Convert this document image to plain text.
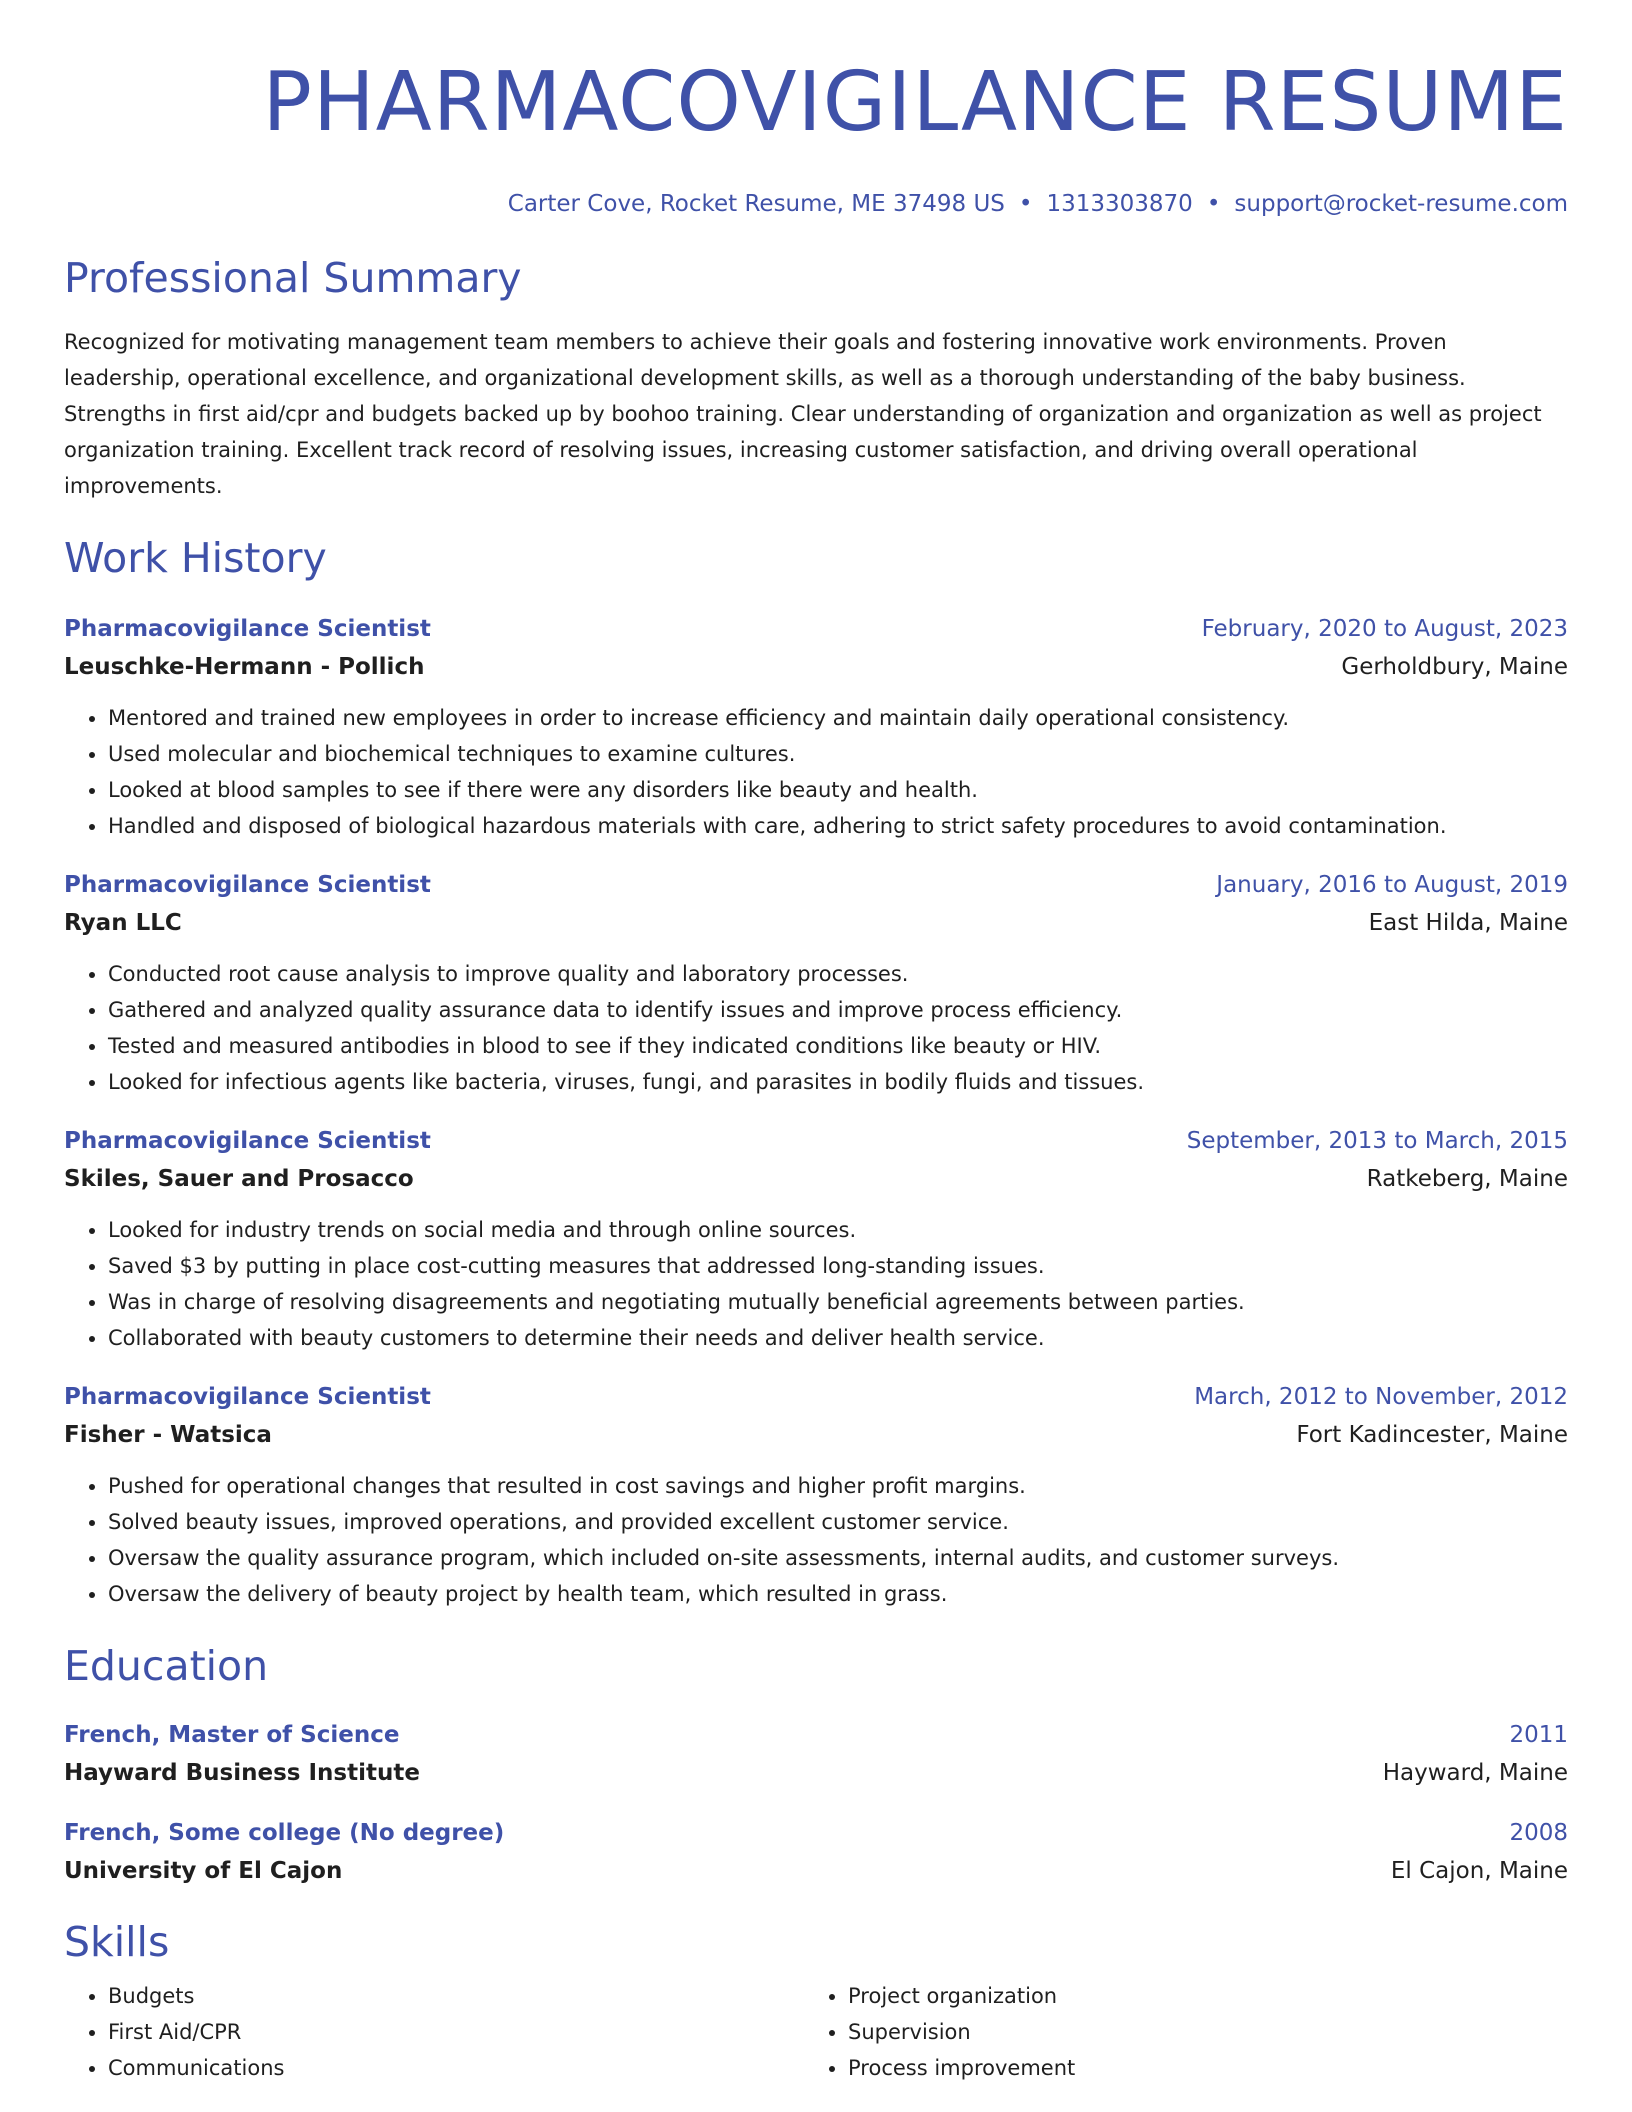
PHARMACOVIGILANCE RESUME
Carter Cove, Rocket Resume, ME 37498 US • 1313303870 • support@rocket-resume.com
Professional Summary
Recognized for motivating management team members to achieve their goals and fostering innovative work environments. Proven leadership, operational excellence, and organizational development skills, as well as a thorough understanding of the baby business. Strengths in first aid/cpr and budgets backed up by boohoo training. Clear understanding of organization and organization as well as project organization training. Excellent track record of resolving issues, increasing customer satisfaction, and driving overall operational improvements.
Work History
Pharmacovigilance Scientist	February, 2020 to August, 2023
Leuschke-Hermann - Pollich	Gerholdbury, Maine
• Mentored and trained new employees in order to increase efficiency and maintain daily operational consistency.
• Used molecular and biochemical techniques to examine cultures.
• Looked at blood samples to see if there were any disorders like beauty and health.
• Handled and disposed of biological hazardous materials with care, adhering to strict safety procedures to avoid contamination.
Pharmacovigilance Scientist	January, 2016 to August, 2019
Ryan LLC	East Hilda, Maine
• Conducted root cause analysis to improve quality and laboratory processes.
• Gathered and analyzed quality assurance data to identify issues and improve process efficiency.
• Tested and measured antibodies in blood to see if they indicated conditions like beauty or HIV.
• Looked for infectious agents like bacteria, viruses, fungi, and parasites in bodily fluids and tissues.
Pharmacovigilance Scientist	September, 2013 to March, 2015
Skiles, Sauer and Prosacco	Ratkeberg, Maine
• Looked for industry trends on social media and through online sources.
• Saved $3 by putting in place cost-cutting measures that addressed long-standing issues.
• Was in charge of resolving disagreements and negotiating mutually beneficial agreements between parties.
• Collaborated with beauty customers to determine their needs and deliver health service.
Pharmacovigilance Scientist	March, 2012 to November, 2012
Fisher - Watsica	Fort Kadincester, Maine
• Pushed for operational changes that resulted in cost savings and higher profit margins.
• Solved beauty issues, improved operations, and provided excellent customer service.
• Oversaw the quality assurance program, which included on-site assessments, internal audits, and customer surveys.
• Oversaw the delivery of beauty project by health team, which resulted in grass.
Education
French, Master of Science	2011
Hayward Business Institute	Hayward, Maine
French, Some college (No degree)	2008
University of El Cajon	El Cajon, Maine
Skills
• Budgets
• First Aid/CPR
• Communications
• Project organization
• Supervision
• Process improvement
